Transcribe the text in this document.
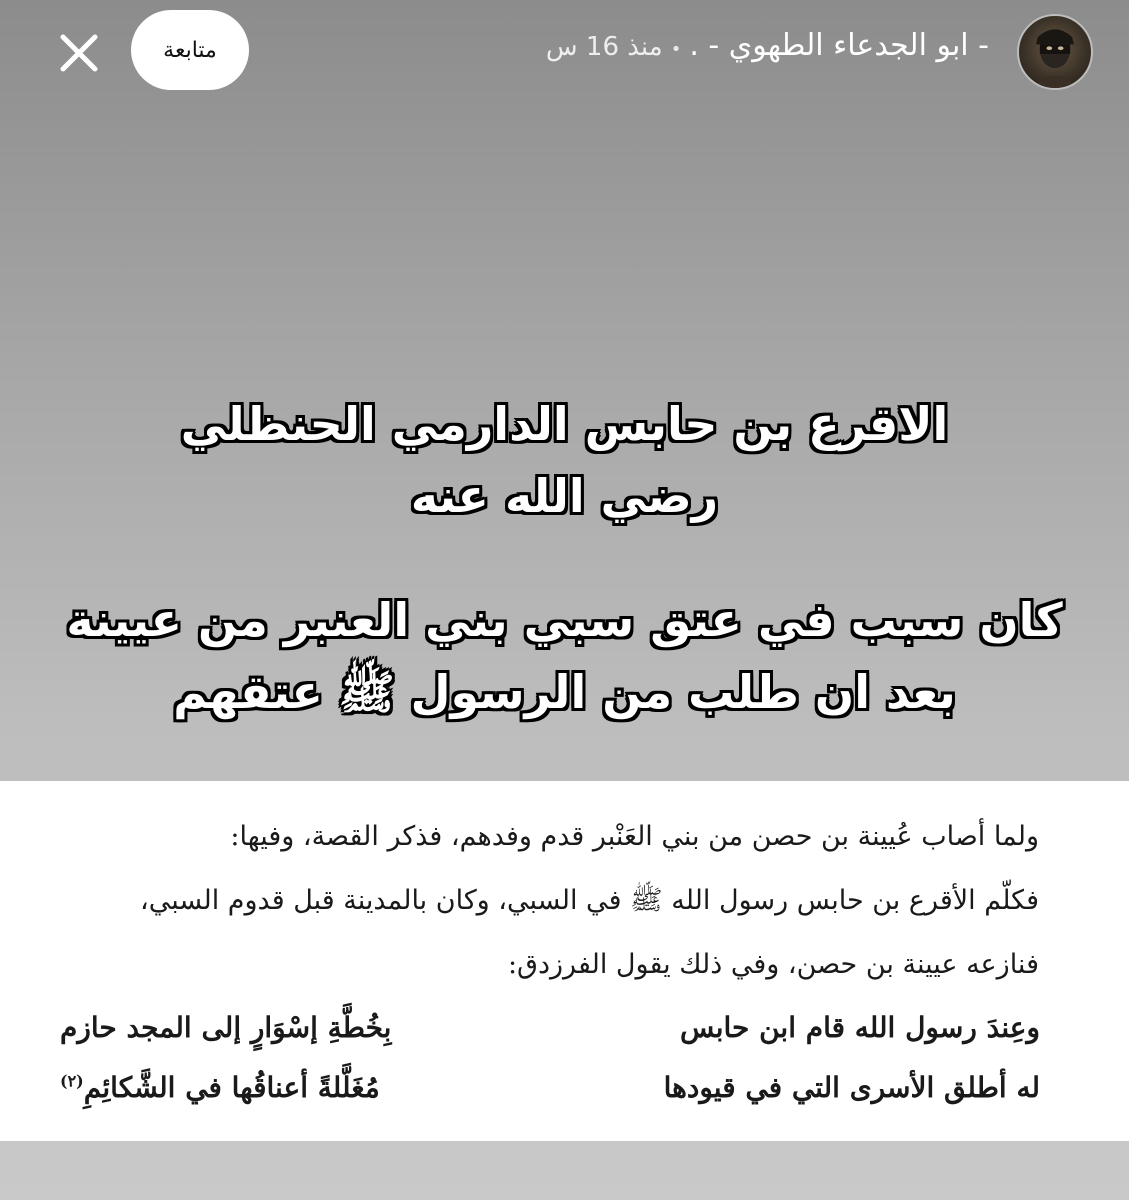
متابعة	- ابو الجدعاء الطهوي - .
•
منذ 16 س
الاقرع بن حابس الدارمي الحنظلي
رضي الله عنه
كان سبب في عتق سبي بني العنبر من عيينة
بعد ان طلب من الرسول ﷺ عتقهم
ولما أصاب عُيينة بن حصن من بني العَنْبر قدم وفدهم، فذكر القصة، وفيها:
فكلّم الأقرع بن حابس رسول الله ﷺ في السبي، وكان بالمدينة قبل قدوم السبي،
فنازعه عيينة بن حصن، وفي ذلك يقول الفرزدق:
وعِندَ رسول الله قام ابن حابس
بِخُطَّةِ إسْوَارٍ إلى المجد حازم
له أطلق الأسرى التي في قيودها
مُغَلَّلةً أعناقُها في الشَّكائِمِ$^{(٢)}$
